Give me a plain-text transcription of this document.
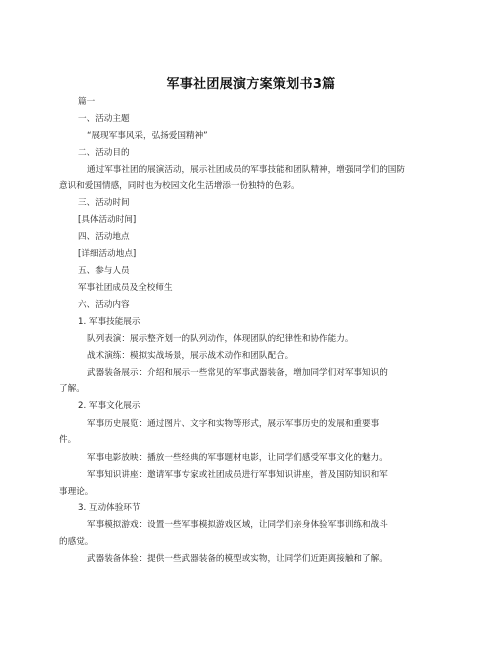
军事社团展演方案策划书3篇
篇一
一、活动主题
“展现军事风采，弘扬爱国精神”
二、活动目的
通过军事社团的展演活动，展示社团成员的军事技能和团队精神，增强同学们的国防
意识和爱国情感，同时也为校园文化生活增添一份独特的色彩。
三、活动时间
[具体活动时间]
四、活动地点
[详细活动地点]
五、参与人员
军事社团成员及全校师生
六、活动内容
1. 军事技能展示
队列表演：展示整齐划一的队列动作，体现团队的纪律性和协作能力。
战术演练：模拟实战场景，展示战术动作和团队配合。
武器装备展示：介绍和展示一些常见的军事武器装备，增加同学们对军事知识的
了解。
2. 军事文化展示
军事历史展览：通过图片、文字和实物等形式，展示军事历史的发展和重要事
件。
军事电影放映：播放一些经典的军事题材电影，让同学们感受军事文化的魅力。
军事知识讲座：邀请军事专家或社团成员进行军事知识讲座，普及国防知识和军
事理论。
3. 互动体验环节
军事模拟游戏：设置一些军事模拟游戏区域，让同学们亲身体验军事训练和战斗
的感觉。
武器装备体验：提供一些武器装备的模型或实物，让同学们近距离接触和了解。
